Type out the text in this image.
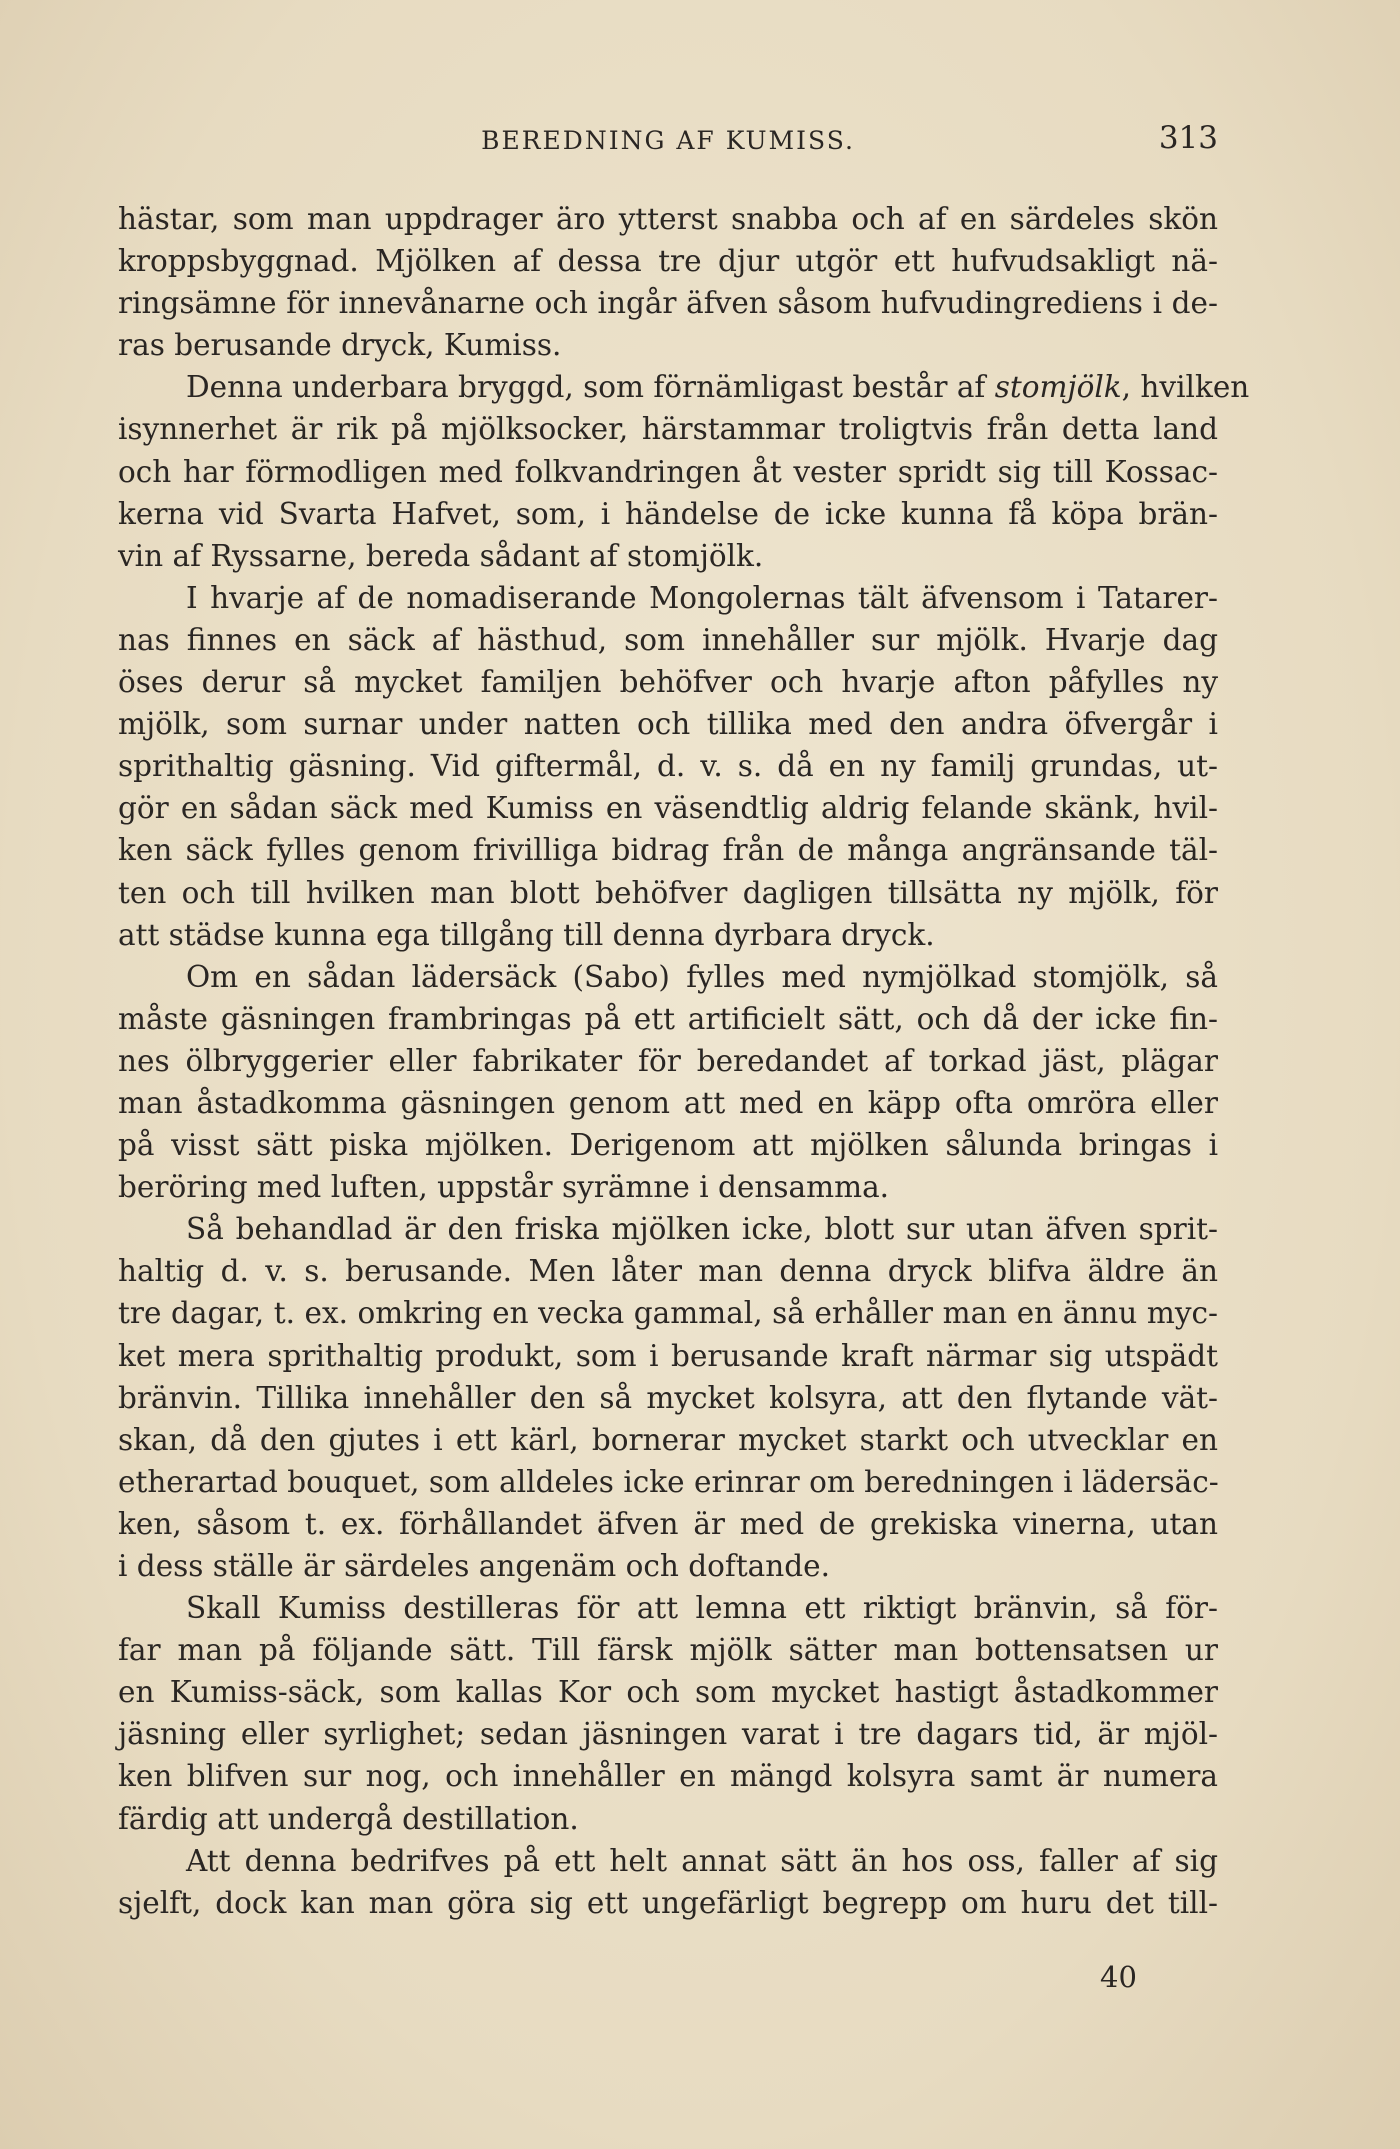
BEREDNING AF KUMISS.	313
hästar, som man uppdrager äro ytterst snabba och af en särdeles skön
kroppsbyggnad. Mjölken af dessa tre djur utgör ett hufvudsakligt nä-
ringsämne för innevånarne och ingår äfven såsom hufvudingrediens i de-
ras berusande dryck, Kumiss.
Denna underbara bryggd, som förnämligast består af stomjölk, hvilken
isynnerhet är rik på mjölksocker, härstammar troligtvis från detta land
och har förmodligen med folkvandringen åt vester spridt sig till Kossac-
kerna vid Svarta Hafvet, som, i händelse de icke kunna få köpa brän-
vin af Ryssarne, bereda sådant af stomjölk.
I hvarje af de nomadiserande Mongolernas tält äfvensom i Tatarer-
nas finnes en säck af hästhud, som innehåller sur mjölk. Hvarje dag
öses derur så mycket familjen behöfver och hvarje afton påfylles ny
mjölk, som surnar under natten och tillika med den andra öfvergår i
sprithaltig gäsning. Vid giftermål, d. v. s. då en ny familj grundas, ut-
gör en sådan säck med Kumiss en väsendtlig aldrig felande skänk, hvil-
ken säck fylles genom frivilliga bidrag från de många angränsande täl-
ten och till hvilken man blott behöfver dagligen tillsätta ny mjölk, för
att städse kunna ega tillgång till denna dyrbara dryck.
Om en sådan lädersäck (Sabo) fylles med nymjölkad stomjölk, så
måste gäsningen frambringas på ett artificielt sätt, och då der icke fin-
nes ölbryggerier eller fabrikater för beredandet af torkad jäst, plägar
man åstadkomma gäsningen genom att med en käpp ofta omröra eller
på visst sätt piska mjölken. Derigenom att mjölken sålunda bringas i
beröring med luften, uppstår syrämne i densamma.
Så behandlad är den friska mjölken icke, blott sur utan äfven sprit-
haltig d. v. s. berusande. Men låter man denna dryck blifva äldre än
tre dagar, t. ex. omkring en vecka gammal, så erhåller man en ännu myc-
ket mera sprithaltig produkt, som i berusande kraft närmar sig utspädt
bränvin. Tillika innehåller den så mycket kolsyra, att den flytande vät-
skan, då den gjutes i ett kärl, bornerar mycket starkt och utvecklar en
etherartad bouquet, som alldeles icke erinrar om beredningen i lädersäc-
ken, såsom t. ex. förhållandet äfven är med de grekiska vinerna, utan
i dess ställe är särdeles angenäm och doftande.
Skall Kumiss destilleras för att lemna ett riktigt bränvin, så för-
far man på följande sätt. Till färsk mjölk sätter man bottensatsen ur
en Kumiss-säck, som kallas Kor och som mycket hastigt åstadkommer
jäsning eller syrlighet; sedan jäsningen varat i tre dagars tid, är mjöl-
ken blifven sur nog, och innehåller en mängd kolsyra samt är numera
färdig att undergå destillation.
Att denna bedrifves på ett helt annat sätt än hos oss, faller af sig
sjelft, dock kan man göra sig ett ungefärligt begrepp om huru det till-
40
